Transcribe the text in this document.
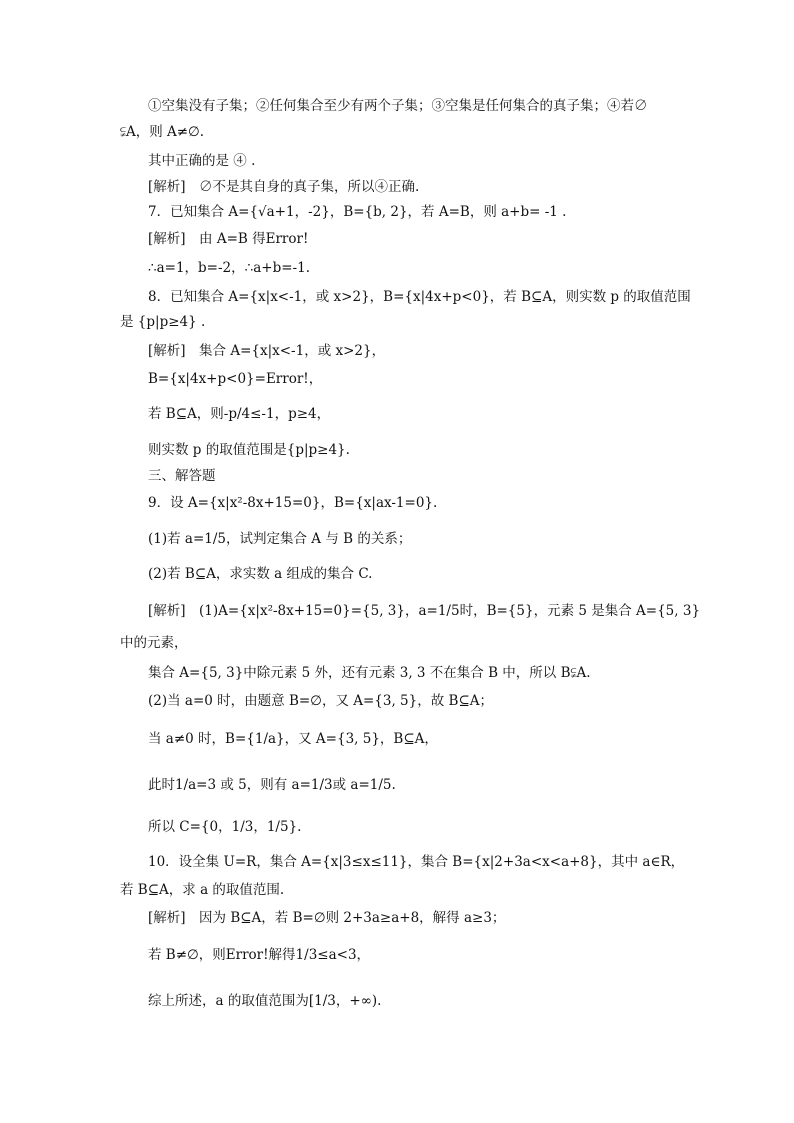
①空集没有子集；②任何集合至少有两个子集；③空集是任何集合的真子集；④若∅
⫋A，则 A≠∅.
其中正确的是 ④ .
[解析]　∅不是其自身的真子集，所以④正确.
7．已知集合 A={√a+1，-2}，B={b, 2}，若 A=B，则 a+b= -1 .
[解析]　由 A=B 得Error!
∴a=1，b=-2，∴a+b=-1.
8．已知集合 A={x|x<-1，或 x>2}，B={x|4x+p<0}，若 B⊆A，则实数 p 的取值范围
是 {p|p≥4} .
[解析]　集合 A={x|x<-1，或 x>2}，
B={x|4x+p<0}=Error!，
若 B⊆A，则-p/4≤-1，p≥4，
则实数 p 的取值范围是{p|p≥4}.
三、解答题
9．设 A={x|x²-8x+15=0}，B={x|ax-1=0}.
(1)若 a=1/5，试判定集合 A 与 B 的关系；
(2)若 B⊆A，求实数 a 组成的集合 C.
[解析]　(1)A={x|x²-8x+15=0}={5, 3}，a=1/5时，B={5}，元素 5 是集合 A={5, 3}
中的元素，
集合 A={5, 3}中除元素 5 外，还有元素 3, 3 不在集合 B 中，所以 B⫋A.
(2)当 a=0 时，由题意 B=∅，又 A={3, 5}，故 B⊆A；
当 a≠0 时，B={1/a}，又 A={3, 5}，B⊆A，
此时1/a=3 或 5，则有 a=1/3或 a=1/5.
所以 C={0，1/3，1/5}.
10．设全集 U=R，集合 A={x|3≤x≤11}，集合 B={x|2+3a<x<a+8}，其中 a∈R，
若 B⊆A，求 a 的取值范围.
[解析]　因为 B⊆A，若 B=∅则 2+3a≥a+8，解得 a≥3；
若 B≠∅，则Error!解得1/3≤a<3，
综上所述，a 的取值范围为[1/3，+∞).
